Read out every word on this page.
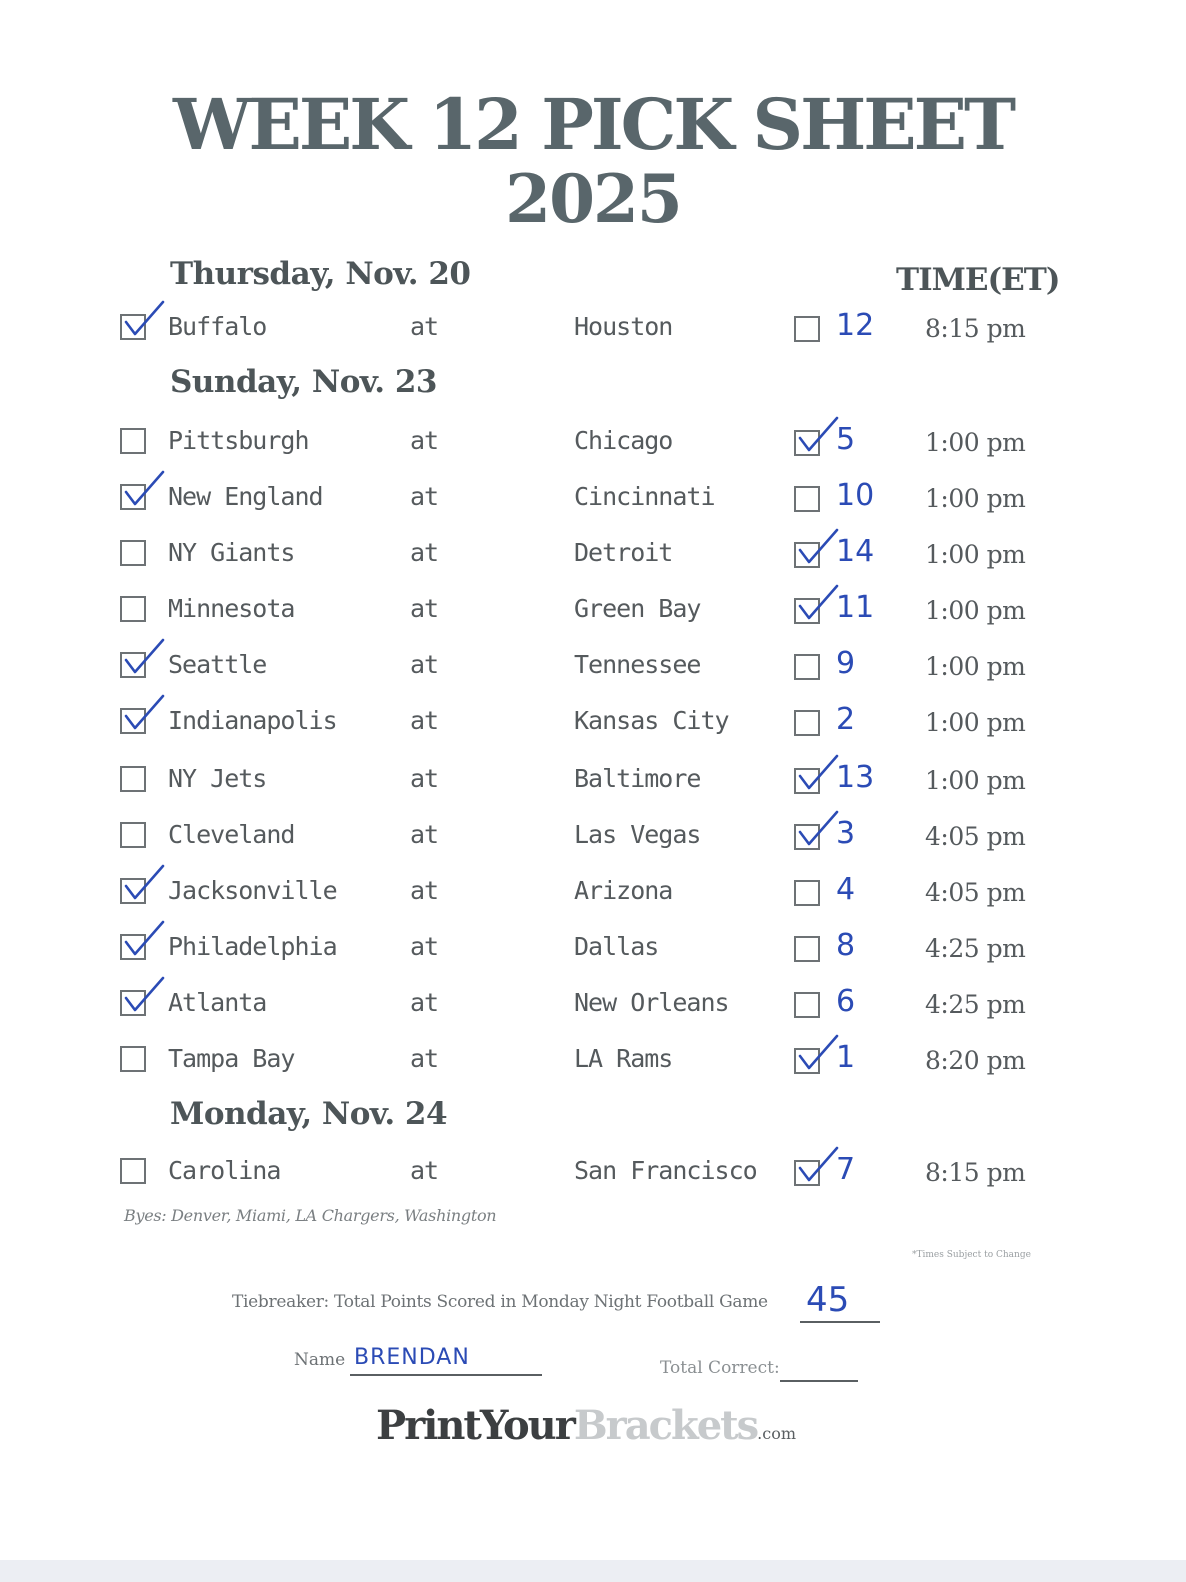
WEEK 12 PICK SHEET
2025
TIME(ET)
Thursday, Nov. 20
Buffalo	at	Houston	12 8:15 pm
Sunday, Nov. 23
Pittsburgh	at	Chicago	5	1:00 pm
New England	at	Cincinnati	10 1:00 pm
NY Giants	at	Detroit	14 1:00 pm
Minnesota	at	Green Bay	11 1:00 pm
Seattle	at	Tennessee	9	1:00 pm
Indianapolis	at	Kansas City	2	1:00 pm
NY Jets	at	Baltimore	13 1:00 pm
Cleveland	at	Las Vegas	3	4:05 pm
Jacksonville	at	Arizona	4	4:05 pm
Philadelphia	at	Dallas	8	4:25 pm
Atlanta	at	New Orleans	6	4:25 pm
Tampa Bay	at	LA Rams	1	8:20 pm
Monday, Nov. 24
Carolina	at	San Francisco	7	8:15 pm
Byes: Denver, Miami, LA Chargers, Washington
*Times Subject to Change
Tiebreaker: Total Points Scored in Monday Night Football Game 45
Name BRENDAN	Total Correct:
PrintYourBrackets.com
